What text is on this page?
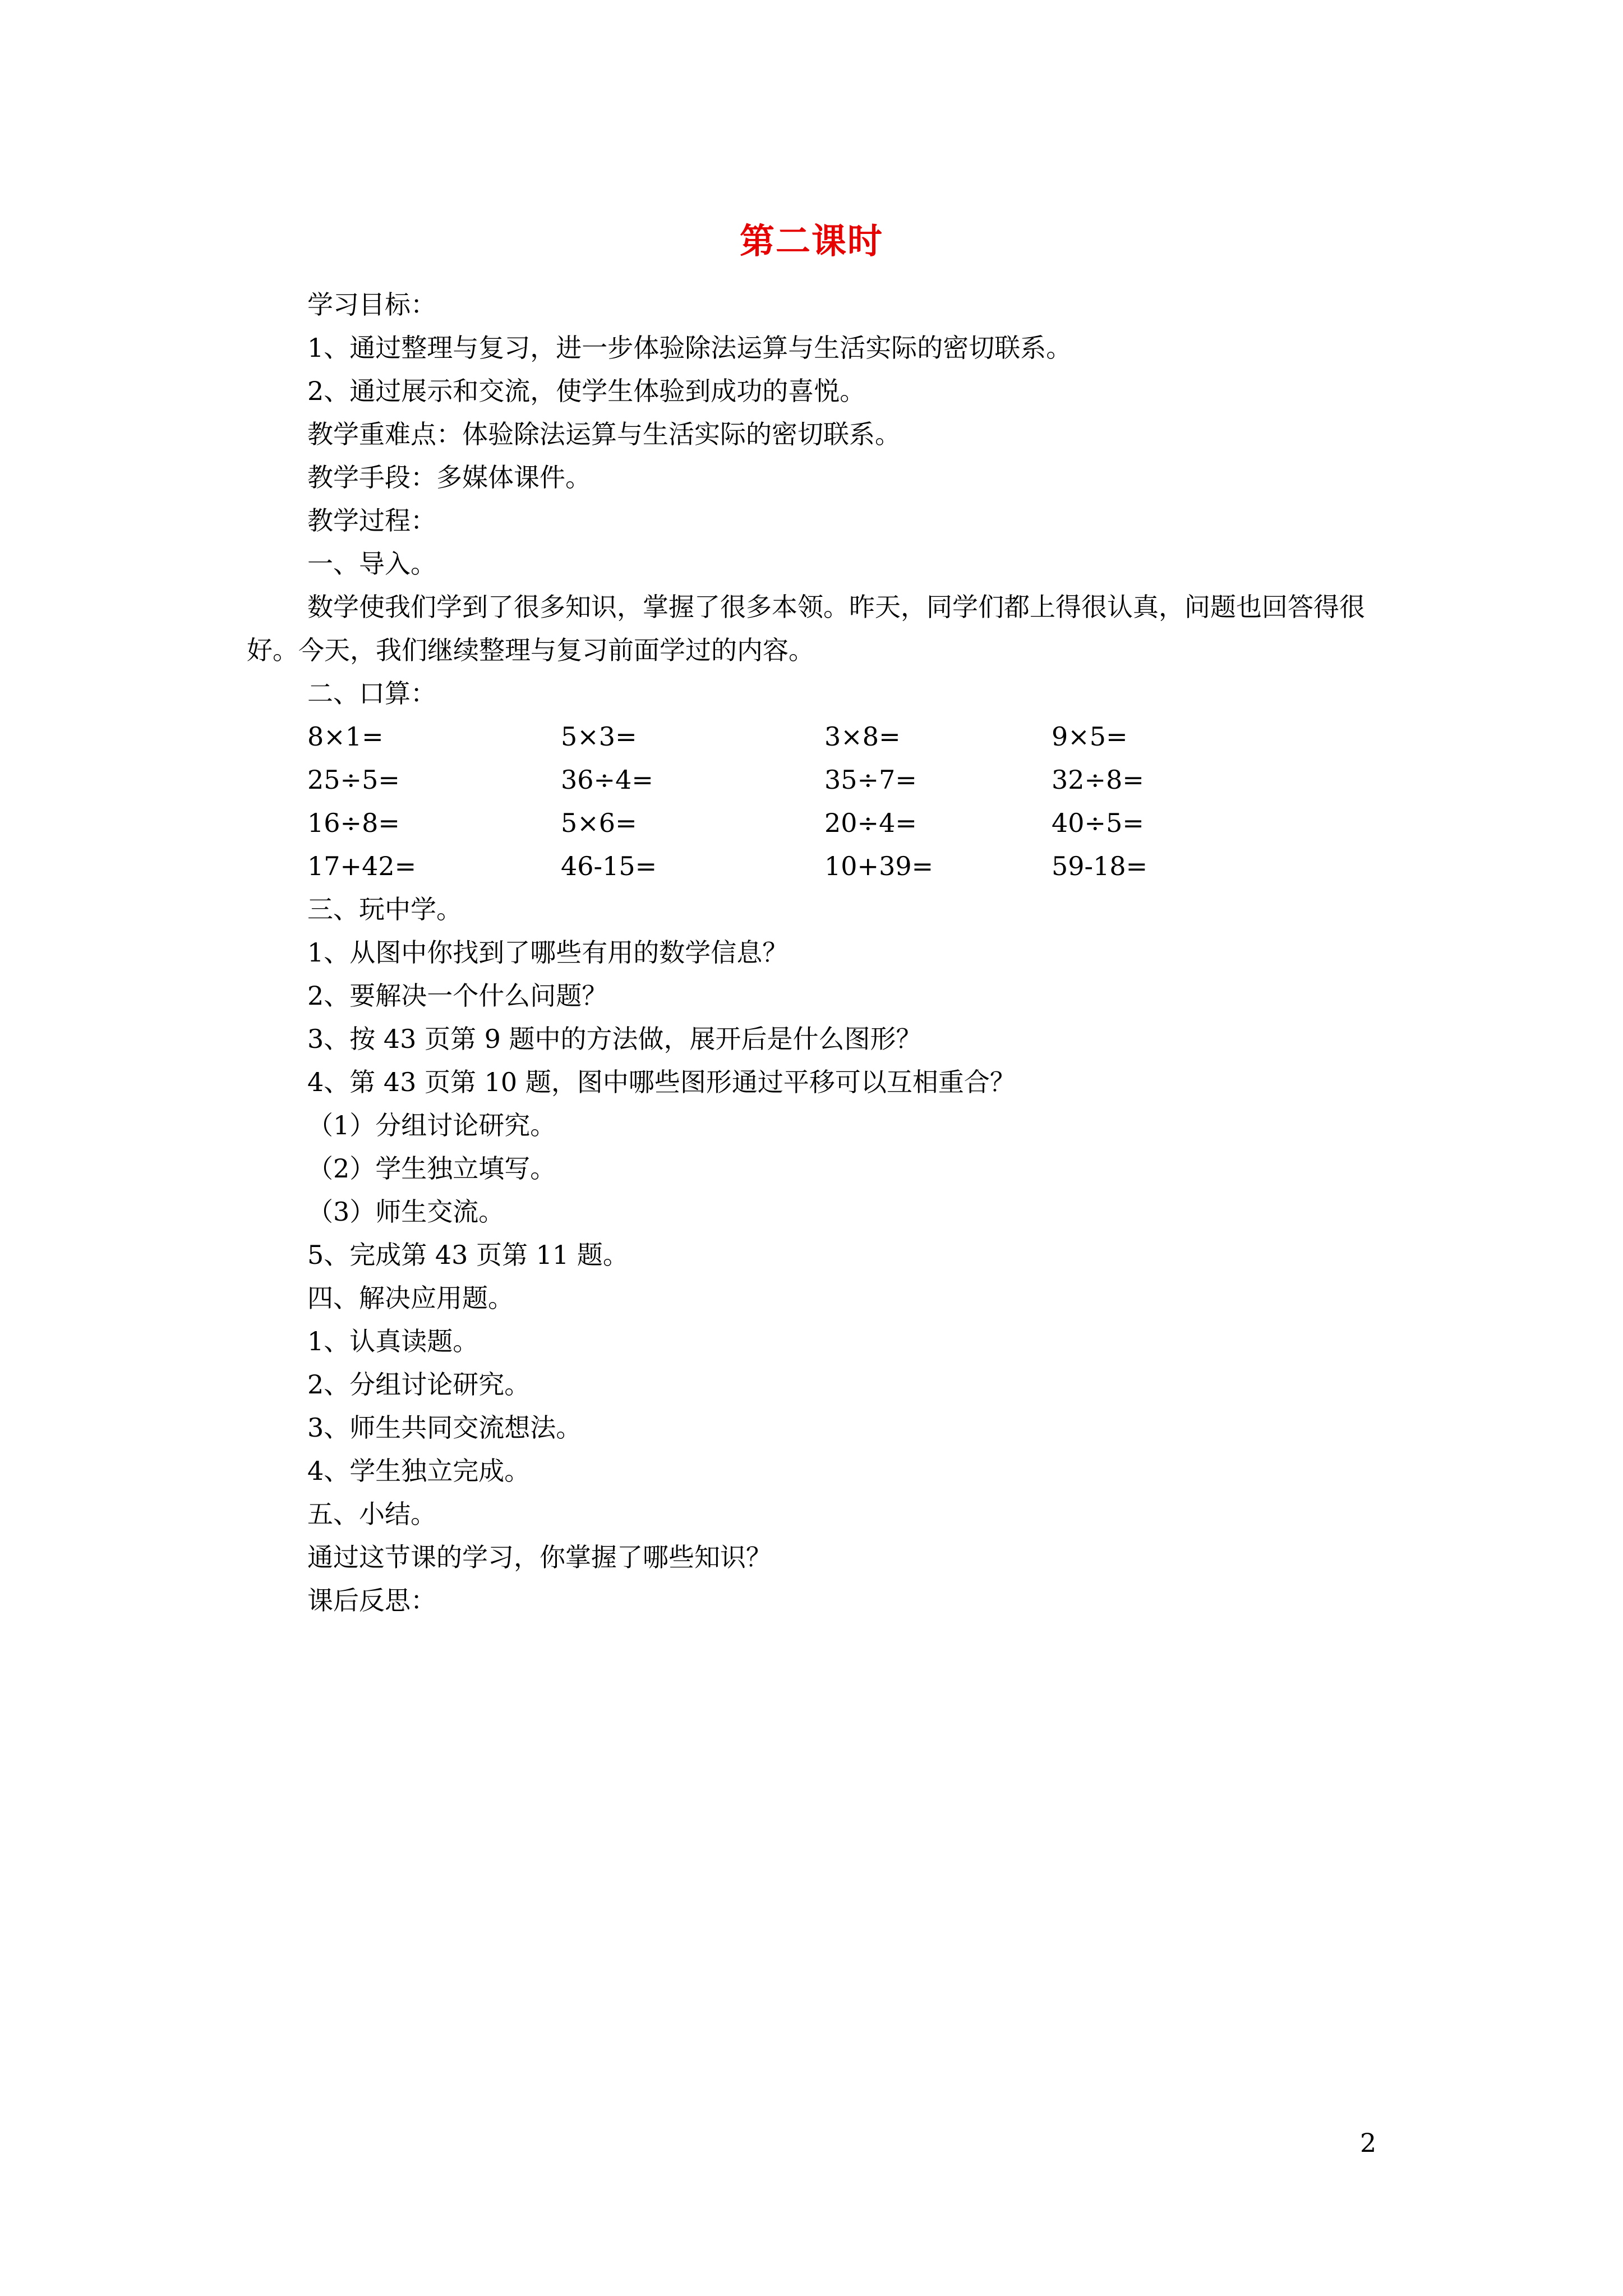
第二课时
学习目标：
1、通过整理与复习，进一步体验除法运算与生活实际的密切联系。
2、通过展示和交流，使学生体验到成功的喜悦。
教学重难点：体验除法运算与生活实际的密切联系。
教学手段：多媒体课件。
教学过程：
一、导入。
数学使我们学到了很多知识，掌握了很多本领。昨天，同学们都上得很认真，问题也回答得很好。今天，我们继续整理与复习前面学过的内容。
二、口算：
8×1=	5×3=	3×8=	9×5=
25÷5=	36÷4=	35÷7=	32÷8=
16÷8=	5×6=	20÷4=	40÷5=
17+42=	46-15=	10+39=	59-18=
三、玩中学。
1、从图中你找到了哪些有用的数学信息？
2、要解决一个什么问题？
3、按 43 页第 9 题中的方法做，展开后是什么图形？
4、第 43 页第 10 题，图中哪些图形通过平移可以互相重合？
（1）分组讨论研究。
（2）学生独立填写。
（3）师生交流。
5、完成第 43 页第 11 题。
四、解决应用题。
1、认真读题。
2、分组讨论研究。
3、师生共同交流想法。
4、学生独立完成。
五、小结。
通过这节课的学习，你掌握了哪些知识？
课后反思：
2
